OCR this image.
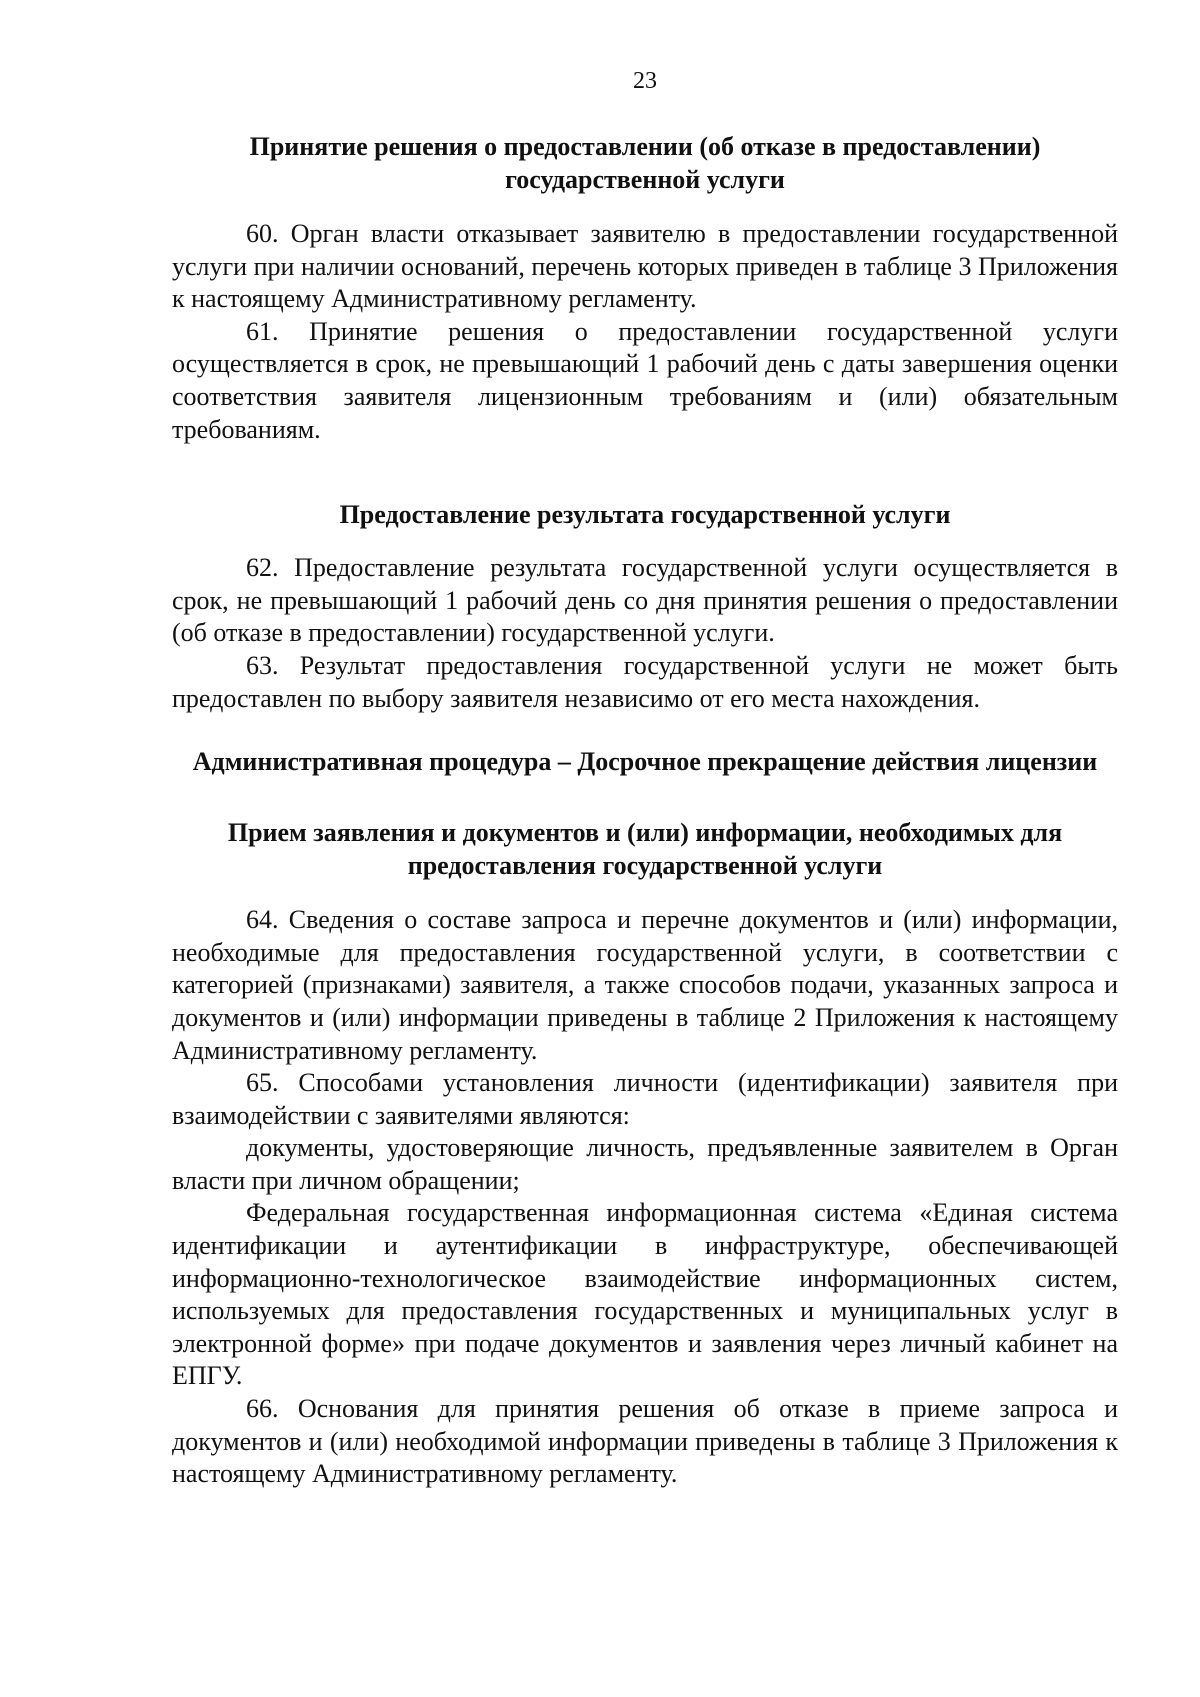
23
Принятие решения о предоставлении (об отказе в предоставлении) государственной услуги

60. Орган власти отказывает заявителю в предоставлении государственной услуги при наличии оснований, перечень которых приведен в таблице 3 Приложения к настоящему Административному регламенту.

61. Принятие решения о предоставлении государственной услуги осуществляется в срок, не превышающий 1 рабочий день с даты завершения оценки соответствия заявителя лицензионным требованиям и (или) обязательным требованиям.

Предоставление результата государственной услуги

62. Предоставление результата государственной услуги осуществляется в срок, не превышающий 1 рабочий день со дня принятия решения о предоставлении (об отказе в предоставлении) государственной услуги.

63. Результат предоставления государственной услуги не может быть предоставлен по выбору заявителя независимо от его места нахождения.

Административная процедура – Досрочное прекращение действия лицензии
Прием заявления и документов и (или) информации, необходимых для предоставления государственной услуги

64. Сведения о составе запроса и перечне документов и (или) информации, необходимые для предоставления государственной услуги, в соответствии с категорией (признаками) заявителя, а также способов подачи, указанных запроса и документов и (или) информации приведены в таблице 2 Приложения к настоящему Административному регламенту.

65. Способами установления личности (идентификации) заявителя при взаимодействии с заявителями являются:

документы, удостоверяющие личность, предъявленные заявителем в Орган власти при личном обращении;

Федеральная государственная информационная система «Единая система идентификации и аутентификации в инфраструктуре, обеспечивающей информационно-технологическое взаимодействие информационных систем, используемых для предоставления государственных и муниципальных услуг в электронной форме» при подаче документов и заявления через личный кабинет на ЕПГУ.

66. Основания для принятия решения об отказе в приеме запроса и документов и (или) необходимой информации приведены в таблице 3 Приложения к настоящему Административному регламенту.
